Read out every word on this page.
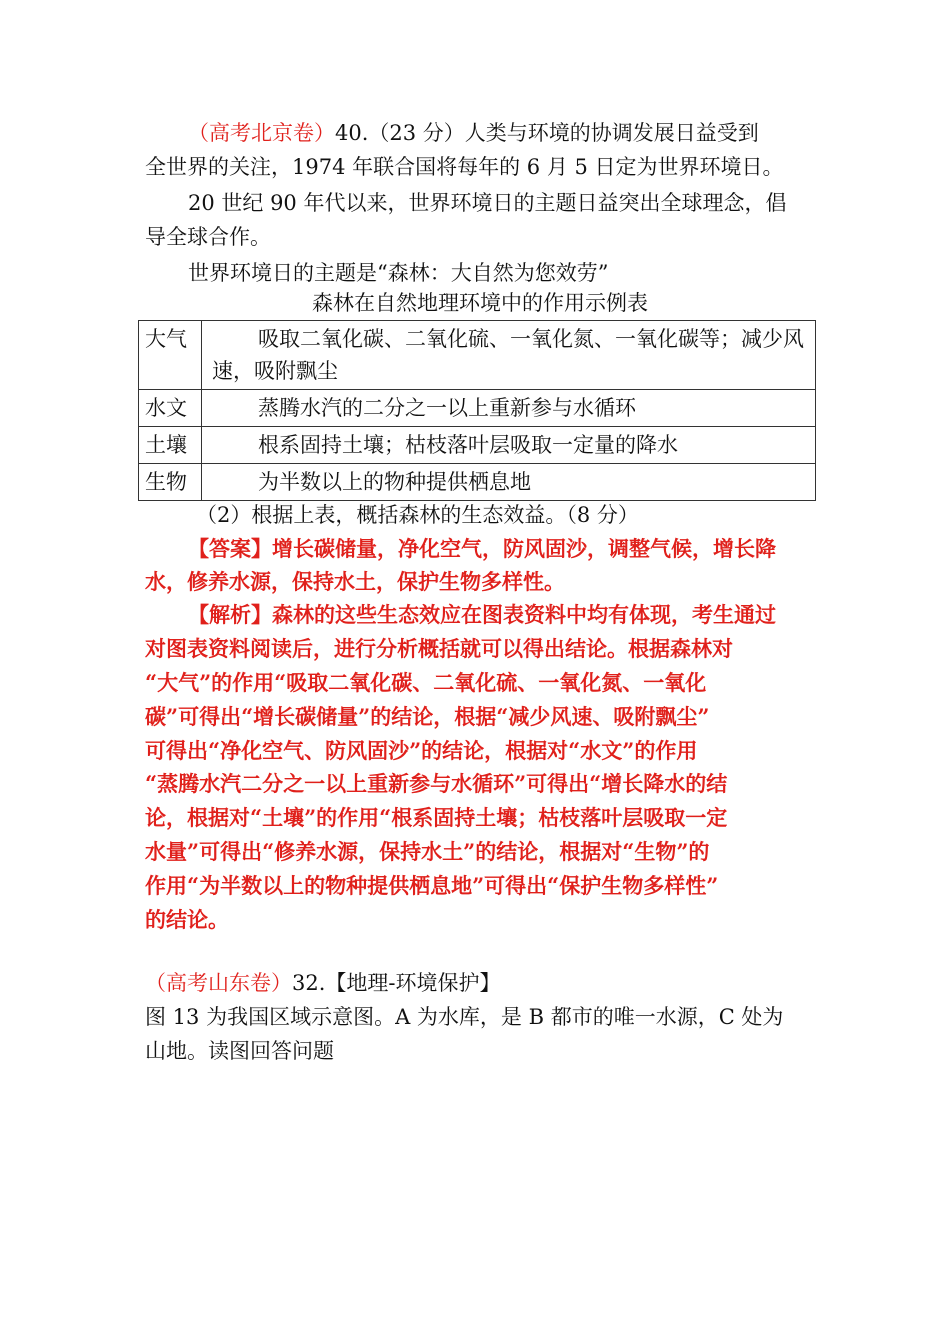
（高考北京卷）40.（23 分）人类与环境的协调发展日益受到
全世界的关注，1974 年联合国将每年的 6 月 5 日定为世界环境日。
20 世纪 90 年代以来，世界环境日的主题日益突出全球理念，倡
导全球合作。
世界环境日的主题是“森林：大自然为您效劳”
森林在自然地理环境中的作用示例表
大气	吸取二氧化碳、二氧化硫、一氧化氮、一氧化碳等；减少风速，吸附飘尘

水文	蒸腾水汽的二分之一以上重新参与水循环

土壤	根系固持土壤；枯枝落叶层吸取一定量的降水

生物	为半数以上的物种提供栖息地
（2）根据上表，概括森林的生态效益。（8 分）
【答案】增长碳储量，净化空气，防风固沙，调整气候，增长降
水，修养水源，保持水土，保护生物多样性。
【解析】森林的这些生态效应在图表资料中均有体现，考生通过
对图表资料阅读后，进行分析概括就可以得出结论。根据森林对
“大气”的作用“吸取二氧化碳、二氧化硫、一氧化氮、一氧化
碳”可得出“增长碳储量”的结论，根据“减少风速、吸附飘尘”
可得出“净化空气、防风固沙”的结论，根据对“水文”的作用
“蒸腾水汽二分之一以上重新参与水循环”可得出“增长降水的结
论，根据对“土壤”的作用“根系固持土壤；枯枝落叶层吸取一定
水量”可得出“修养水源，保持水土”的结论，根据对“生物”的
作用“为半数以上的物种提供栖息地”可得出“保护生物多样性”
的结论。
（高考山东卷）32.【地理-环境保护】
图 13 为我国区域示意图。A 为水库，是 B 都市的唯一水源，C 处为
山地。读图回答问题
